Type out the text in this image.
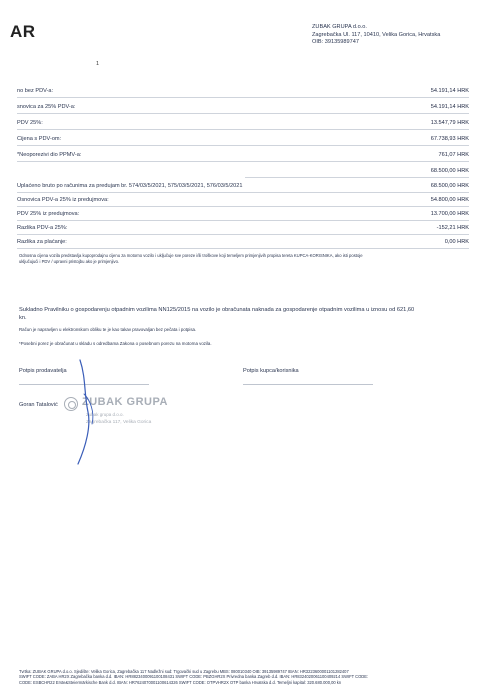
AR	ZUBAK GRUPA d.o.o.
Zagrebačka Ul. 117, 10410, Velika Gorica, Hrvatska
OIB: 39135989747
1
no bez PDV-a:	54.191,14 HRK
snovica za 25% PDV-a:	54.191,14 HRK
PDV 25%:	13.547,79 HRK
Cijena s PDV-om:	67.738,93 HRK
*Neoporezivi dio PPMV-a:	761,07 HRK
68.500,00 HRK
Uplaćeno bruto po računima za predujam br. 574/03/5/2021, 575/03/5/2021, 576/03/5/2021	68.500,00 HRK
Osnovica PDV-a 25% iz predujmova:	54.800,00 HRK
PDV 25% iz predujmova:	13.700,00 HRK
Razlika PDV-a 25%:	-152,21 HRK
Razlika za plaćanje:	0,00 HRK
Odnosna cijena vozila predstavlja kupoprodajnu cijenu za motorno vozilo i uključuje sve poreze i/ili troškove koji temeljem primjenjivih propisa tereta KUPCA-KORISNIKA, ako isti postoje
uključujući i PDV / upravni pristojbu ako je primjenjivo.
Sukladno Pravilniku o gospodarenju otpadnim vozilima NN125/2015 na vozilo je obračunata naknada za gospodarenje otpadnim vozilima u iznosu od 621,60
kn.
Račun je napravljen u elektronskom obliku te je kao takav pravovaljan bez pečata i potpisa.
*Posebni porez je obračunat u skladu s odredbama Zakona o posebnom porezu na motorna vozila.
Potpis prodavatelja	Potpis kupca/korisnika
Goran Tatalović ZUBAK GRUPA
Zubak grupa d.o.o.
Zagrebačka 117, Velika Gorica
Tvrtka: ZUBAK GRUPA d.o.o. Sjedište: Velika Gorica, Zagrebačka 117 Nadležni sud: Trgovački sud u Zagrebu MBS: 080010340 OIB: 39135989747 IBAN: HR3223600001101282407
SWIFT CODE: ZABA HR2X Zagrebačka banka d.d. IBAN: HR8823400091100108431 SWIFT CODE: PBZGHR2X Privredna banka Zagreb d.d. IBAN: HR8324020061100409214 SWIFT CODE:
CODE: ESBCHR22 Erste&Steiermärkische Bank d.d. IBAN: HR7624070001100614326 SWIFT CODE: OTPVHR2X OTP banka Hrvatska d.d. Temeljni kapital: 320.680.000,00 kn
